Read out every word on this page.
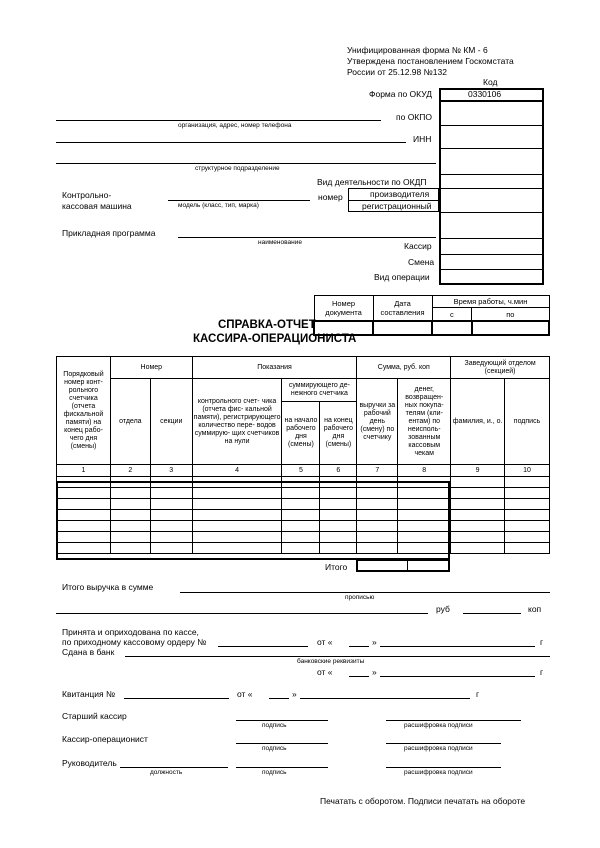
Унифицированная форма № КМ - 6
Утверждена постановлением Госкомстата
России от 25.12.98 №132
Код
0330106
Форма по ОКУД
по ОКПО
ИНН
Вид деятельности по ОКДП
номер	производителя
регистрационный
Кассир
Смена
Вид операции
организация, адрес, номер телефона
структурное подразделение
Контрольно-
кассовая машина	модель (класс, тип, марка)
Прикладная программа
наименование
Номер документа	Дата составления	Время работы, ч.мин	
		с	по

СПРАВКА-ОТЧЕТ
КАССИРА-ОПЕРАЦИОНИСТА
Порядковый номер конт- рольного счетчика (отчета фискальной памяти) на конец рабо- чего дня (смены)	Номер		Показания			Сумма, руб. коп		Заведующий отделом (секцией)	
	отдела	секции	контрольного счет- чика (отчета фис- кальной памяти), регистрирующего количество пере- водов суммирую- щих счетчиков на нули	суммирующего де- нежного счетчика		выручки за рабочий день (смену) по счетчику	денег, возвращен- ных покупа- телям (кли- ентам) по неисполь- зованным кассовым чекам	фамилия, и., о.	подпись
				на начало рабочего дня (смены)	на конец рабочего дня (смены)				
1	2	3	4	5	6	7	8	9	10

Итого
Итого выручка в сумме
прописью
руб	коп
Принята и оприходована по кассе,
по приходному кассовому ордеру №	от «	»	г
Сдана в банк
банковские реквизиты
от «	»	г
Квитанция №	от «	»	г
Старший кассир
подпись	расшифровка подписи
Кассир-операционист
подпись	расшифровка подписи
Руководитель
должность	подпись	расшифровка подписи
Печатать с оборотом. Подписи печатать на обороте
